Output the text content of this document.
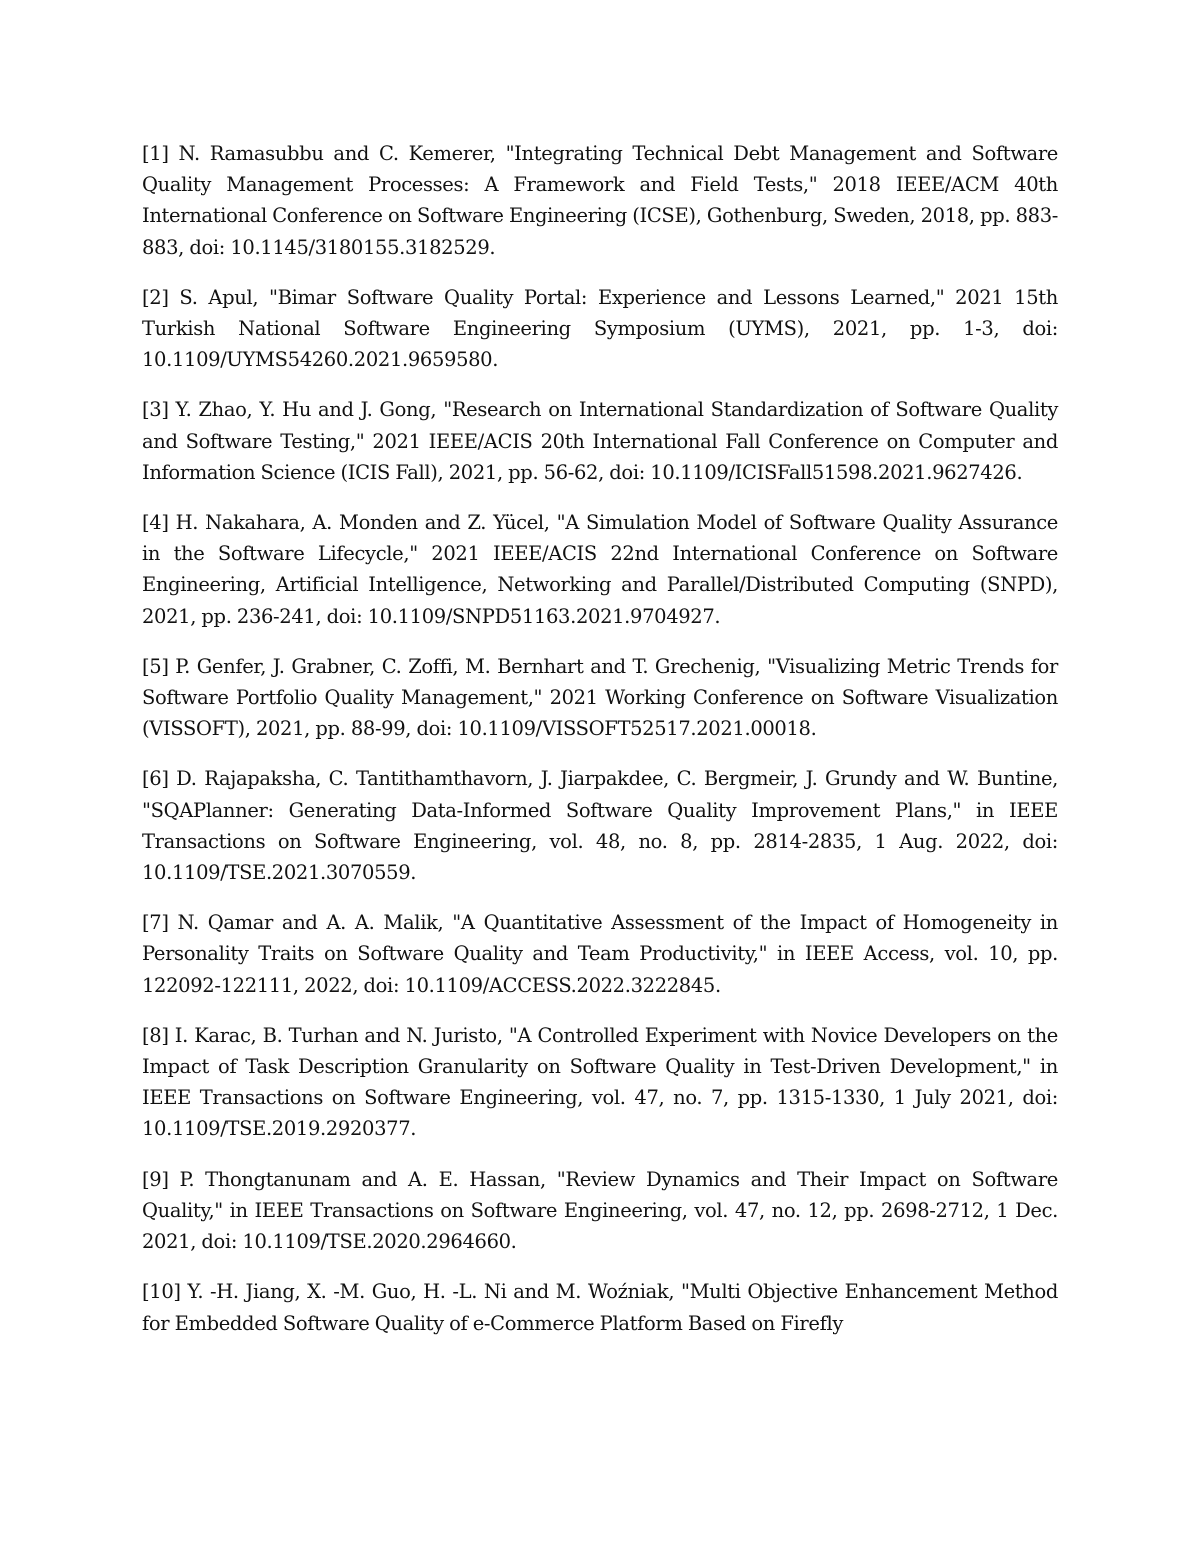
[1] N. Ramasubbu and C. Kemerer, "Integrating Technical Debt Management and Software Quality Management Processes: A Framework and Field Tests," 2018 IEEE/ACM 40th International Conference on Software Engineering (ICSE), Gothenburg, Sweden, 2018, pp. 883-883, doi: 10.1145/3180155.3182529.

[2] S. Apul, "Bimar Software Quality Portal: Experience and Lessons Learned," 2021 15th Turkish National Software Engineering Symposium (UYMS), 2021, pp. 1-3, doi: 10.1109/UYMS54260.2021.9659580.

[3] Y. Zhao, Y. Hu and J. Gong, "Research on International Standardization of Software Quality and Software Testing," 2021 IEEE/ACIS 20th International Fall Conference on Computer and Information Science (ICIS Fall), 2021, pp. 56-62, doi: 10.1109/ICISFall51598.2021.9627426.

[4] H. Nakahara, A. Monden and Z. Yücel, "A Simulation Model of Software Quality Assurance in the Software Lifecycle," 2021 IEEE/ACIS 22nd International Conference on Software Engineering, Artificial Intelligence, Networking and Parallel/Distributed Computing (SNPD), 2021, pp. 236-241, doi: 10.1109/SNPD51163.2021.9704927.

[5] P. Genfer, J. Grabner, C. Zoffi, M. Bernhart and T. Grechenig, "Visualizing Metric Trends for Software Portfolio Quality Management," 2021 Working Conference on Software Visualization (VISSOFT), 2021, pp. 88-99, doi: 10.1109/VISSOFT52517.2021.00018.

[6] D. Rajapaksha, C. Tantithamthavorn, J. Jiarpakdee, C. Bergmeir, J. Grundy and W. Buntine, "SQAPlanner: Generating Data-Informed Software Quality Improvement Plans," in IEEE Transactions on Software Engineering, vol. 48, no. 8, pp. 2814-2835, 1 Aug. 2022, doi: 10.1109/TSE.2021.3070559.

[7] N. Qamar and A. A. Malik, "A Quantitative Assessment of the Impact of Homogeneity in Personality Traits on Software Quality and Team Productivity," in IEEE Access, vol. 10, pp. 122092-122111, 2022, doi: 10.1109/ACCESS.2022.3222845.

[8] I. Karac, B. Turhan and N. Juristo, "A Controlled Experiment with Novice Developers on the Impact of Task Description Granularity on Software Quality in Test-Driven Development," in IEEE Transactions on Software Engineering, vol. 47, no. 7, pp. 1315-1330, 1 July 2021, doi: 10.1109/TSE.2019.2920377.

[9] P. Thongtanunam and A. E. Hassan, "Review Dynamics and Their Impact on Software Quality," in IEEE Transactions on Software Engineering, vol. 47, no. 12, pp. 2698-2712, 1 Dec. 2021, doi: 10.1109/TSE.2020.2964660.

[10] Y. -H. Jiang, X. -M. Guo, H. -L. Ni and M. Woźniak, "Multi Objective Enhancement Method for Embedded Software Quality of e-Commerce Platform Based on Firefly
